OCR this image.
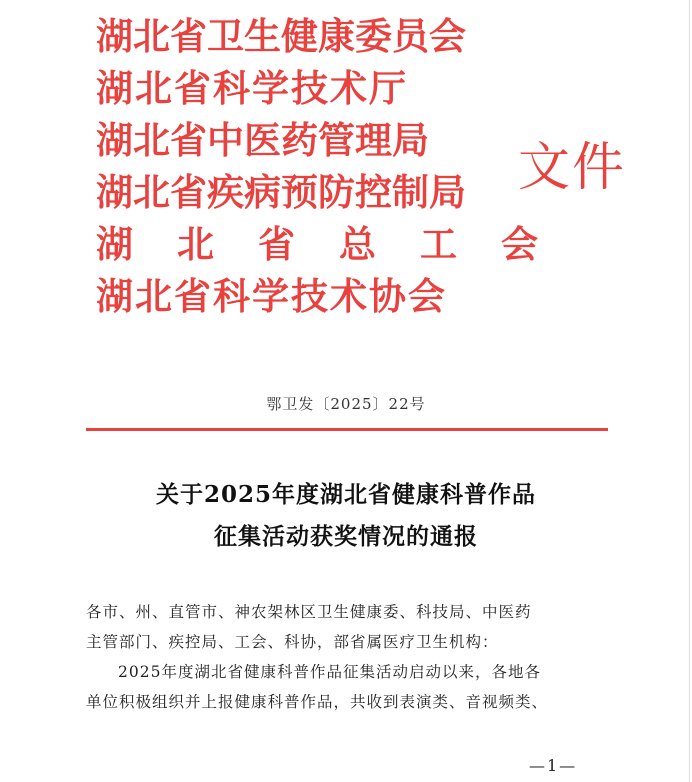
湖北省卫生健康委员会
湖北省科学技术厅
湖北省中医药管理局
湖北省疾病预防控制局
湖北省总工会
湖北省科学技术协会
文件
鄂卫发〔2025〕22号
关于2025年度湖北省健康科普作品
征集活动获奖情况的通报
各市、州、直管市、神农架林区卫生健康委、科技局、中医药
主管部门、疾控局、工会、科协，部省属医疗卫生机构：
2025年度湖北省健康科普作品征集活动启动以来，各地各
单位积极组织并上报健康科普作品，共收到表演类、音视频类、
—1—
